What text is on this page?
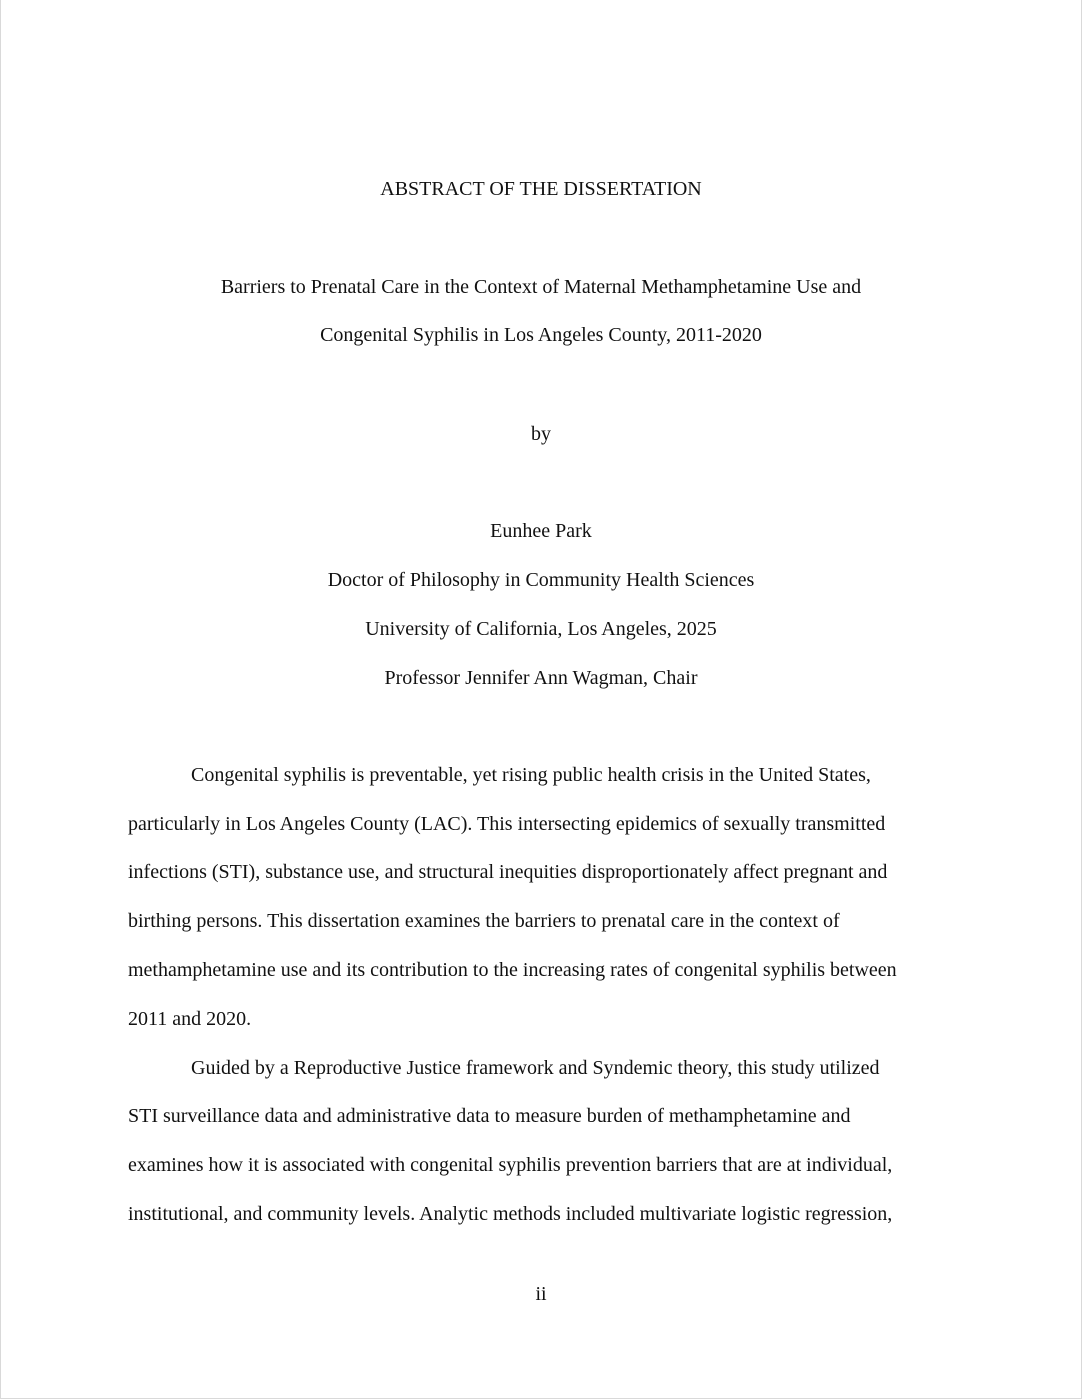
ABSTRACT OF THE DISSERTATION
Barriers to Prenatal Care in the Context of Maternal Methamphetamine Use and
Congenital Syphilis in Los Angeles County, 2011-2020
by
Eunhee Park
Doctor of Philosophy in Community Health Sciences
University of California, Los Angeles, 2025
Professor Jennifer Ann Wagman, Chair
Congenital syphilis is preventable, yet rising public health crisis in the United States,
particularly in Los Angeles County (LAC). This intersecting epidemics of sexually transmitted
infections (STI), substance use, and structural inequities disproportionately affect pregnant and
birthing persons. This dissertation examines the barriers to prenatal care in the context of
methamphetamine use and its contribution to the increasing rates of congenital syphilis between
2011 and 2020.
Guided by a Reproductive Justice framework and Syndemic theory, this study utilized
STI surveillance data and administrative data to measure burden of methamphetamine and
examines how it is associated with congenital syphilis prevention barriers that are at individual,
institutional, and community levels. Analytic methods included multivariate logistic regression,
ii
